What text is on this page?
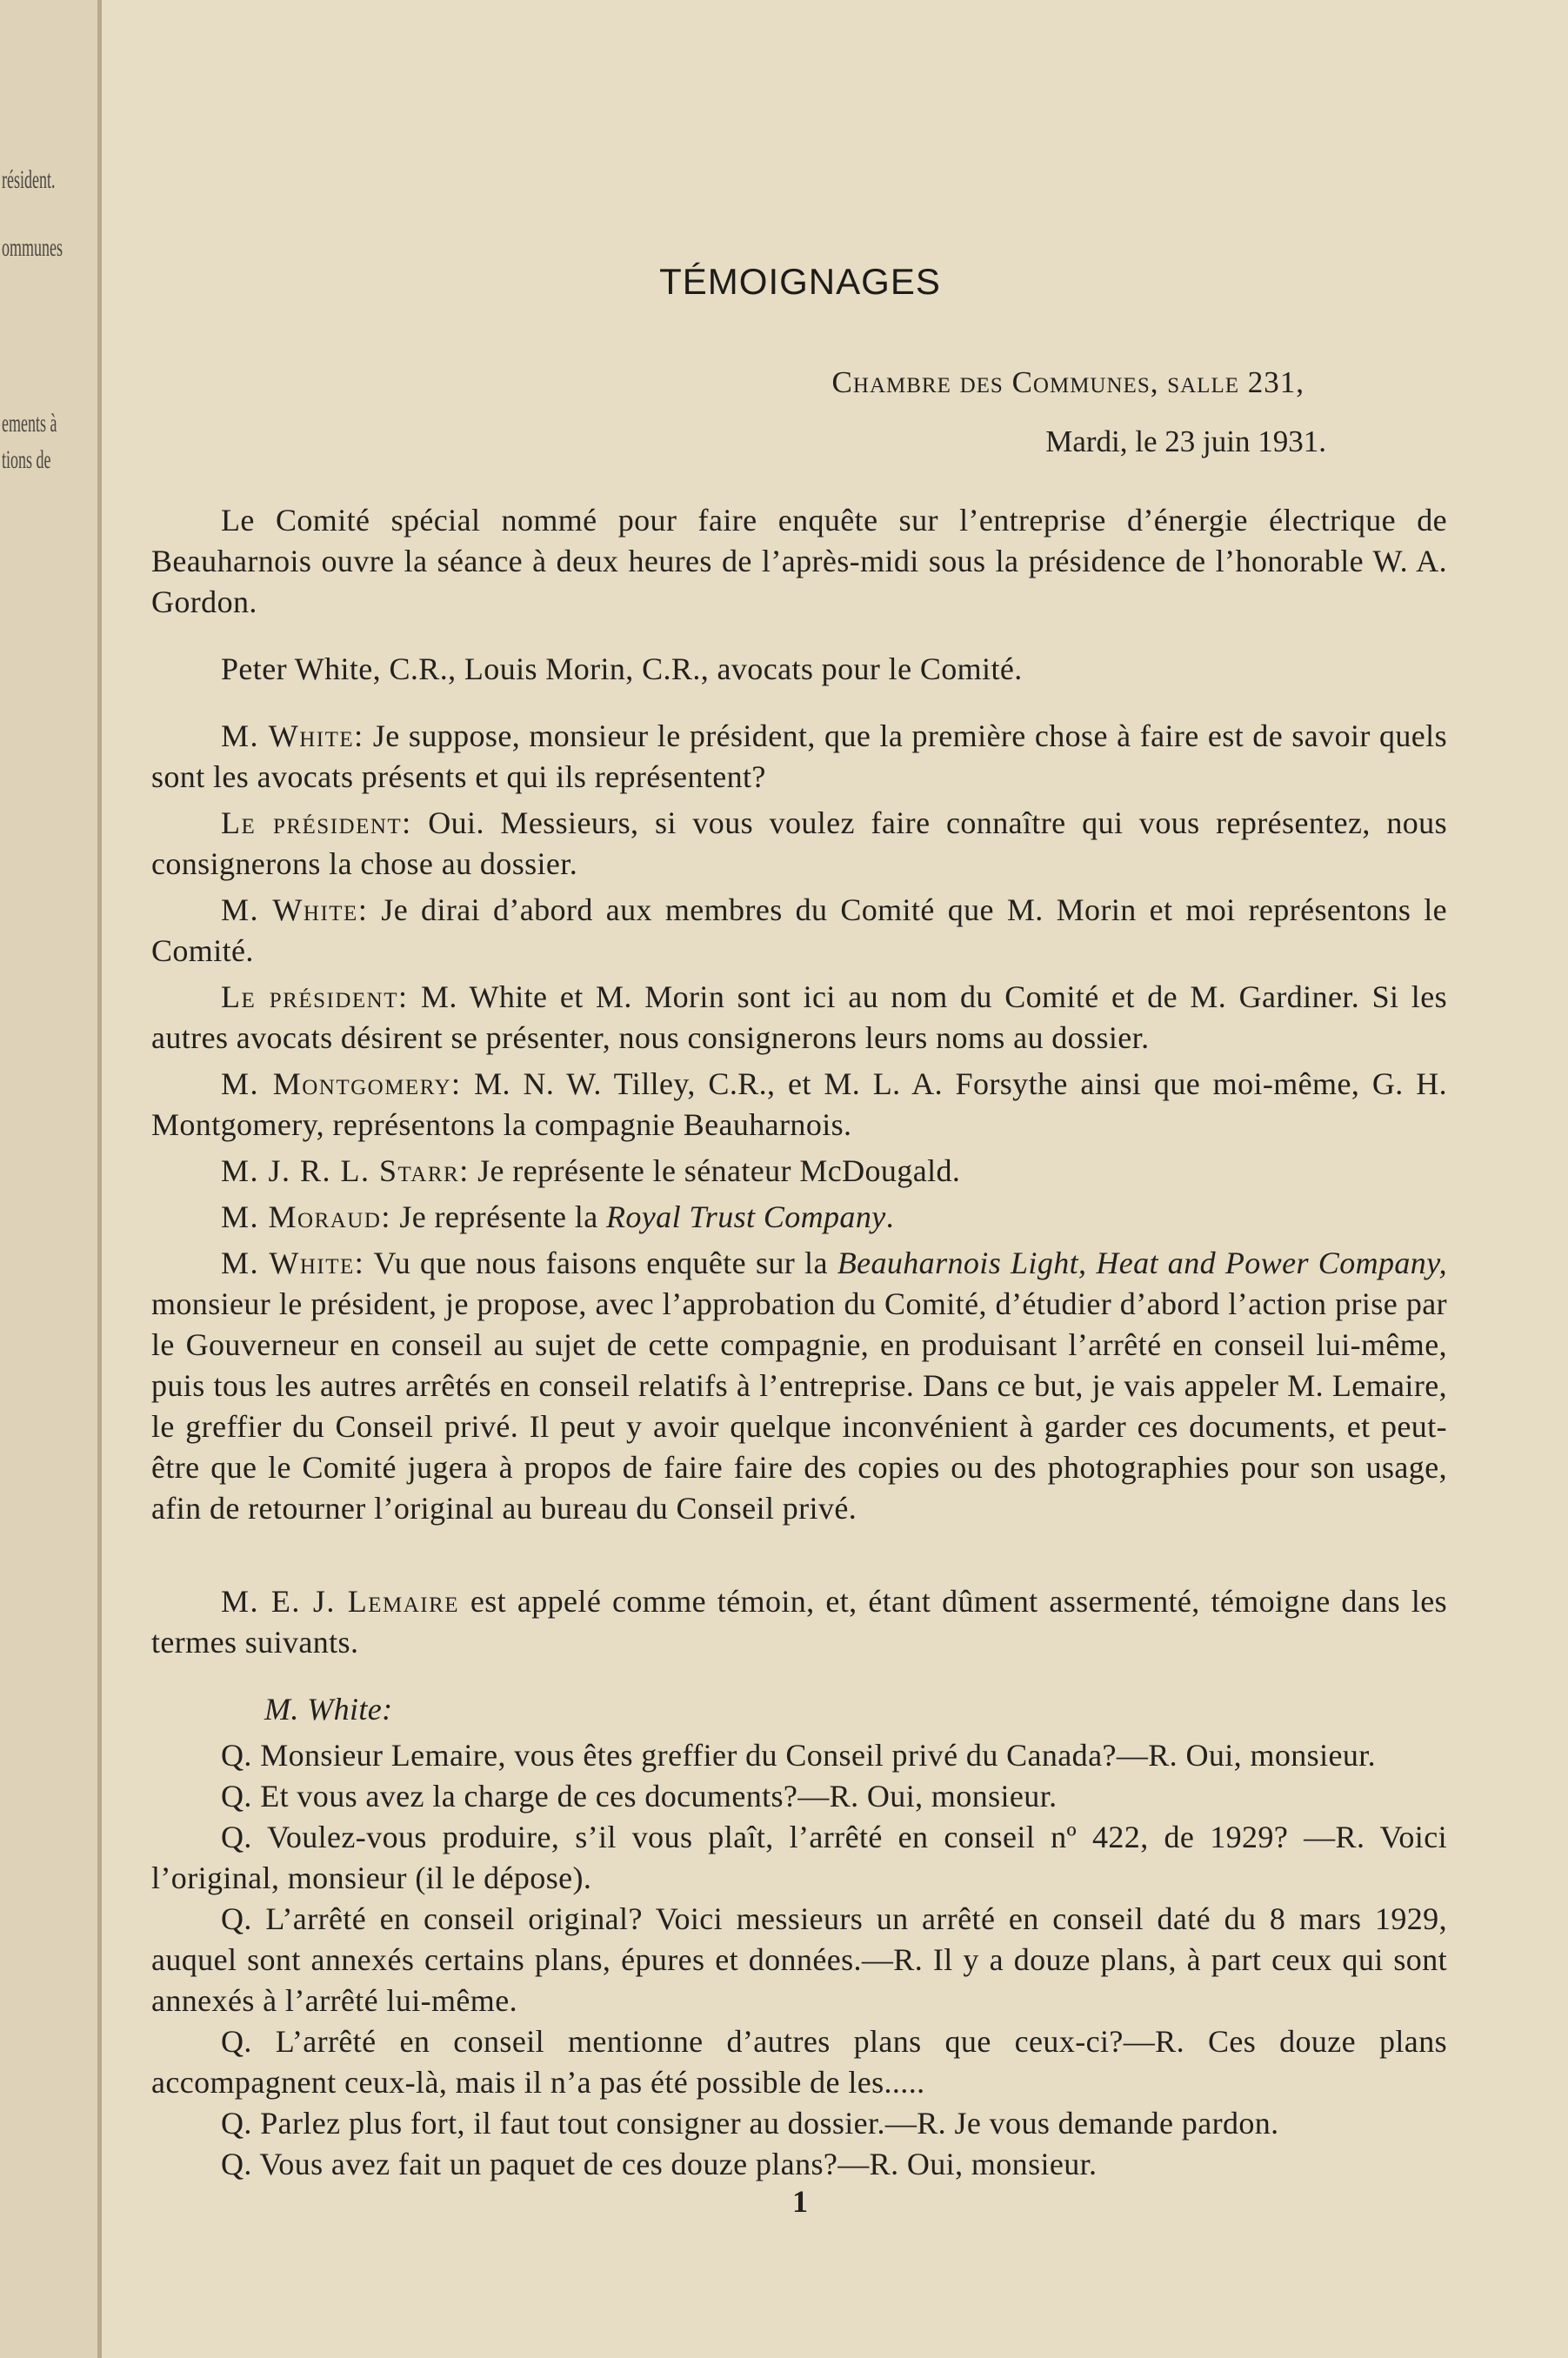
résident.
ommunes
ements à
tions de
TÉMOIGNAGES
Chambre des Communes, salle 231,
Mardi, le 23 juin 1931.

Le Comité spécial nommé pour faire enquête sur l’entreprise d’énergie électrique de Beauharnois ouvre la séance à deux heures de l’après-midi sous la présidence de l’honorable W. A. Gordon.

Peter White, C.R., Louis Morin, C.R., avocats pour le Comité.

M. White: Je suppose, monsieur le président, que la première chose à faire est de savoir quels sont les avocats présents et qui ils représentent?

Le président: Oui. Messieurs, si vous voulez faire connaître qui vous représentez, nous consignerons la chose au dossier.

M. White: Je dirai d’abord aux membres du Comité que M. Morin et moi représentons le Comité.

Le président: M. White et M. Morin sont ici au nom du Comité et de M. Gardiner. Si les autres avocats désirent se présenter, nous consignerons leurs noms au dossier.

M. Montgomery: M. N. W. Tilley, C.R., et M. L. A. Forsythe ainsi que moi-même, G. H. Montgomery, représentons la compagnie Beauharnois.

M. J. R. L. Starr: Je représente le sénateur McDougald.

M. Moraud: Je représente la Royal Trust Company.

M. White: Vu que nous faisons enquête sur la Beauharnois Light, Heat and Power Company, monsieur le président, je propose, avec l’approbation du Comité, d’étudier d’abord l’action prise par le Gouverneur en conseil au sujet de cette compagnie, en produisant l’arrêté en conseil lui-même, puis tous les autres arrêtés en conseil relatifs à l’entreprise. Dans ce but, je vais appeler M. Lemaire, le greffier du Conseil privé. Il peut y avoir quelque inconvénient à garder ces documents, et peut-être que le Comité jugera à propos de faire faire des copies ou des photographies pour son usage, afin de retourner l’original au bureau du Conseil privé.

M. E. J. Lemaire est appelé comme témoin, et, étant dûment assermenté, témoigne dans les termes suivants.

M. White:

Q. Monsieur Lemaire, vous êtes greffier du Conseil privé du Canada?—R. Oui, monsieur.

Q. Et vous avez la charge de ces documents?—R. Oui, monsieur.

Q. Voulez-vous produire, s’il vous plaît, l’arrêté en conseil nº 422, de 1929? —R. Voici l’original, monsieur (il le dépose).

Q. L’arrêté en conseil original? Voici messieurs un arrêté en conseil daté du 8 mars 1929, auquel sont annexés certains plans, épures et données.—R. Il y a douze plans, à part ceux qui sont annexés à l’arrêté lui-même.

Q. L’arrêté en conseil mentionne d’autres plans que ceux-ci?—R. Ces douze plans accompagnent ceux-là, mais il n’a pas été possible de les.....

Q. Parlez plus fort, il faut tout consigner au dossier.—R. Je vous demande pardon.

Q. Vous avez fait un paquet de ces douze plans?—R. Oui, monsieur.

1
